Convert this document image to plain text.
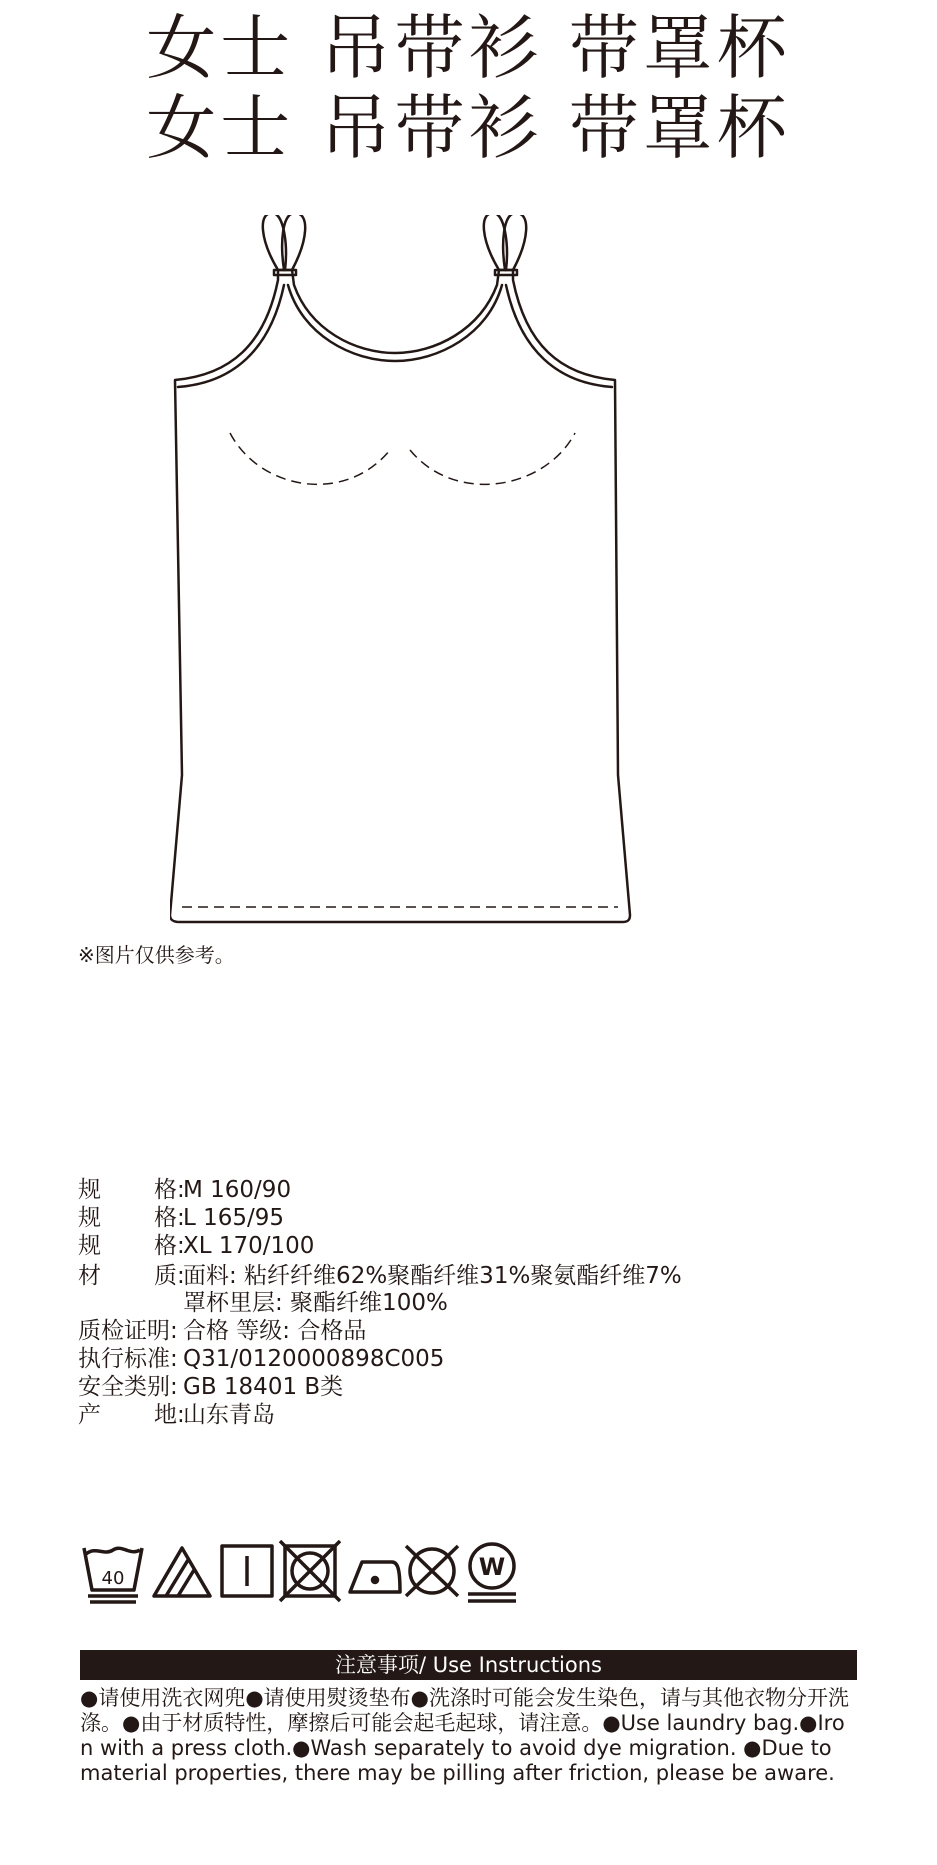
女士 吊带衫 带罩杯
女士 吊带衫 带罩杯
※图片仅供参考。
40	W
注意事项/ Use Instructions
●请使用洗衣网兜●请使用熨烫垫布●洗涤时可能会发生染色，请与其他衣物分开洗涤。●由于材质特性，摩擦后可能会起毛起球，请注意。●Use laundry bag.●Iron with a press cloth.●Wash separately to avoid dye migration. ●Due to material properties, there may be pilling after friction, please be aware.
规 格:M 160/90
规 格:L 165/95
规 格:XL 170/100
材 质:面料: 粘纤纤维62%聚酯纤维31%聚氨酯纤维7%
罩杯里层: 聚酯纤维100%
质检证明: 合格 等级: 合格品
执行标准: Q31/0120000898C005
安全类别: GB 18401 B类
产 地:山东青岛
